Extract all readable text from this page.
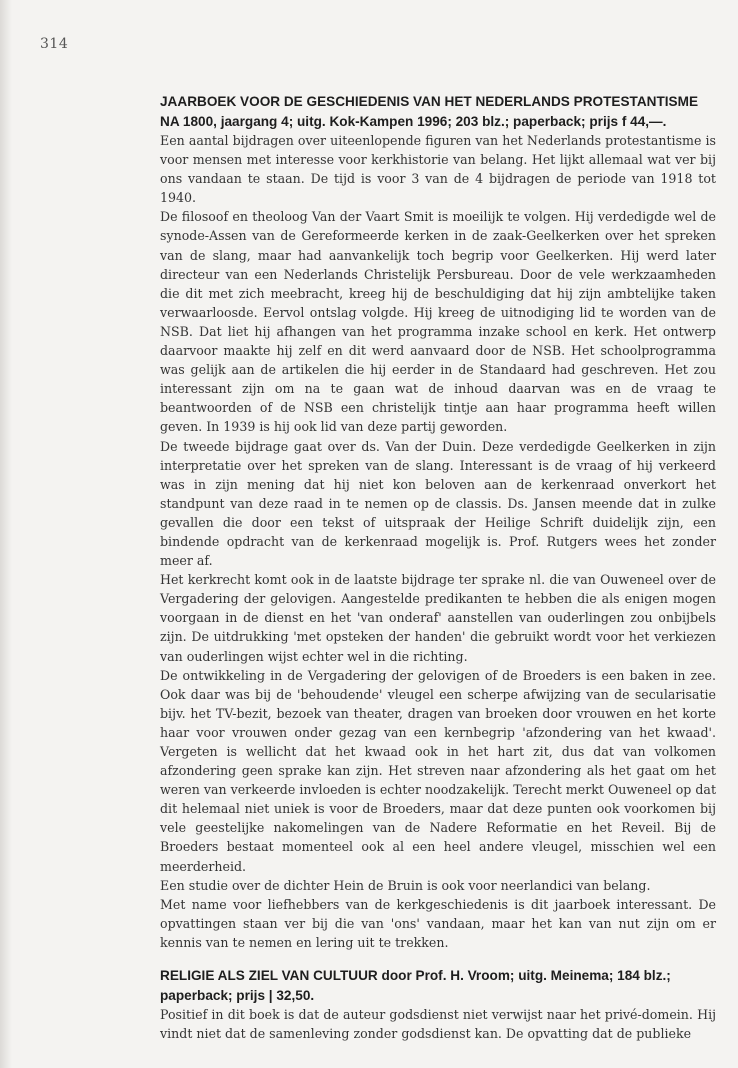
314

JAARBOEK VOOR DE GESCHIEDENIS VAN HET NEDERLANDS PROTESTANTISME NA 1800, jaargang 4; uitg. Kok-Kampen 1996; 203 blz.; paperback; prijs f 44,—.

Een aantal bijdragen over uiteenlopende figuren van het Nederlands protestantisme is voor mensen met interesse voor kerkhistorie van belang. Het lijkt allemaal wat ver bij ons vandaan te staan. De tijd is voor 3 van de 4 bijdragen de periode van 1918 tot 1940.

De filosoof en theoloog Van der Vaart Smit is moeilijk te volgen. Hij verdedigde wel de synode-Assen van de Gereformeerde kerken in de zaak-Geelkerken over het spreken van de slang, maar had aanvankelijk toch begrip voor Geelkerken. Hij werd later directeur van een Nederlands Christelijk Persbureau. Door de vele werkzaamheden die dit met zich meebracht, kreeg hij de beschuldiging dat hij zijn ambtelijke taken verwaarloosde. Eervol ontslag volgde. Hij kreeg de uitnodiging lid te worden van de NSB. Dat liet hij afhangen van het programma inzake school en kerk. Het ontwerp daarvoor maakte hij zelf en dit werd aanvaard door de NSB. Het schoolprogramma was gelijk aan de artikelen die hij eerder in de Standaard had geschreven. Het zou interessant zijn om na te gaan wat de inhoud daarvan was en de vraag te beantwoorden of de NSB een christelijk tintje aan haar programma heeft willen geven. In 1939 is hij ook lid van deze partij geworden.

De tweede bijdrage gaat over ds. Van der Duin. Deze verdedigde Geelkerken in zijn interpretatie over het spreken van de slang. Interessant is de vraag of hij verkeerd was in zijn mening dat hij niet kon beloven aan de kerkenraad onverkort het standpunt van deze raad in te nemen op de classis. Ds. Jansen meende dat in zulke gevallen die door een tekst of uitspraak der Heilige Schrift duidelijk zijn, een bindende opdracht van de kerkenraad mogelijk is. Prof. Rutgers wees het zonder meer af.

Het kerkrecht komt ook in de laatste bijdrage ter sprake nl. die van Ouweneel over de Vergadering der gelovigen. Aangestelde predikanten te hebben die als enigen mogen voorgaan in de dienst en het 'van onderaf' aanstellen van ouderlingen zou onbijbels zijn. De uitdrukking 'met opsteken der handen' die gebruikt wordt voor het verkiezen van ouderlingen wijst echter wel in die richting.

De ontwikkeling in de Vergadering der gelovigen of de Broeders is een baken in zee. Ook daar was bij de 'behoudende' vleugel een scherpe afwijzing van de secularisatie bijv. het TV-bezit, bezoek van theater, dragen van broeken door vrouwen en het korte haar voor vrouwen onder gezag van een kernbegrip 'afzondering van het kwaad'. Vergeten is wellicht dat het kwaad ook in het hart zit, dus dat van volkomen afzondering geen sprake kan zijn. Het streven naar afzondering als het gaat om het weren van verkeerde invloeden is echter noodzakelijk. Terecht merkt Ouweneel op dat dit helemaal niet uniek is voor de Broeders, maar dat deze punten ook voorkomen bij vele geestelijke nakomelingen van de Nadere Reformatie en het Reveil. Bij de Broeders bestaat momenteel ook al een heel andere vleugel, misschien wel een meerderheid.

Een studie over de dichter Hein de Bruin is ook voor neerlandici van belang.

Met name voor liefhebbers van de kerkgeschiedenis is dit jaarboek interessant. De opvattingen staan ver bij die van 'ons' vandaan, maar het kan van nut zijn om er kennis van te nemen en lering uit te trekken.

RELIGIE ALS ZIEL VAN CULTUUR door Prof. H. Vroom; uitg. Meinema; 184 blz.; paperback; prijs | 32,50.

Positief in dit boek is dat de auteur godsdienst niet verwijst naar het privé-domein. Hij vindt niet dat de samenleving zonder godsdienst kan. De opvatting dat de publieke
